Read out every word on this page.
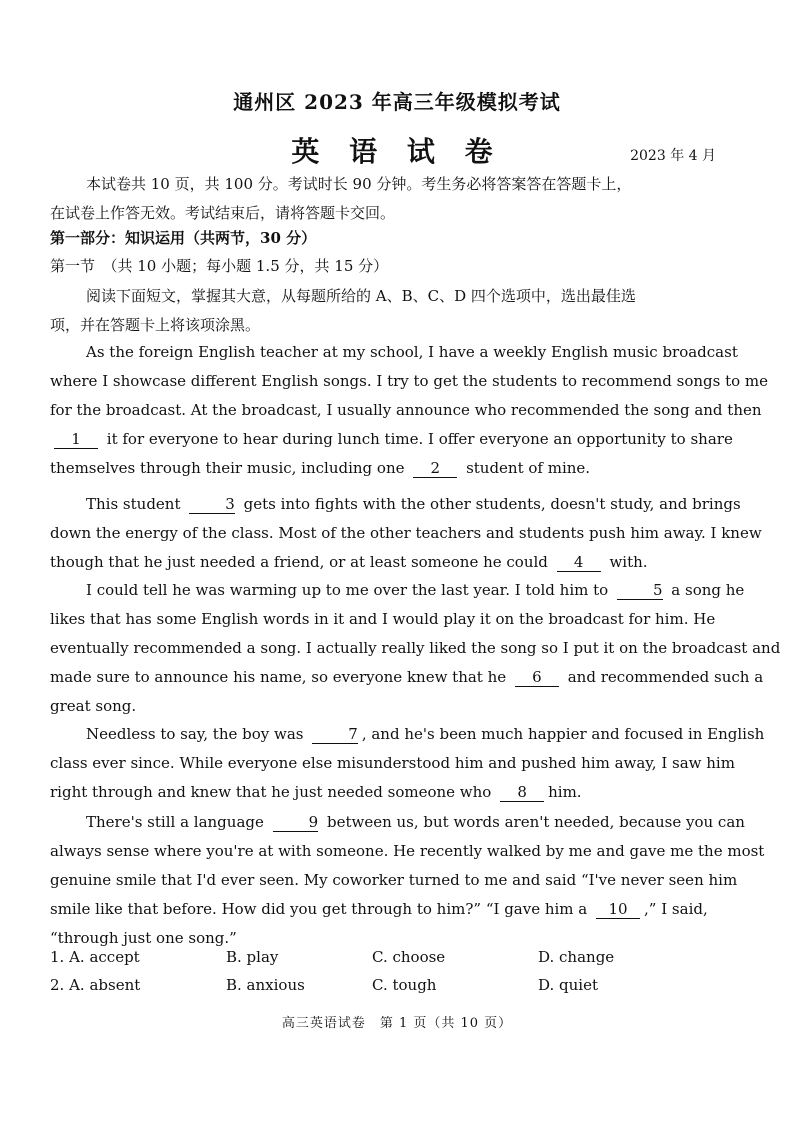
通州区 2023 年高三年级模拟考试
英 语 试 卷	2023 年 4 月
本试卷共 10 页，共 100 分。考试时长 90 分钟。考生务必将答案答在答题卡上，
在试卷上作答无效。考试结束后，请将答题卡交回。
第一部分：知识运用（共两节，30 分）
第一节　（共 10 小题；每小题 1.5 分，共 15 分）
阅读下面短文，掌握其大意，从每题所给的 A、B、C、D 四个选项中，选出最佳选
项，并在答题卡上将该项涂黑。
As the foreign English teacher at my school, I have a weekly English music broadcast
where I showcase different English songs. I try to get the students to recommend songs to me
for the broadcast. At the broadcast, I usually announce who recommended the song and then
1 it for everyone to hear during lunch time. I offer everyone an opportunity to share
themselves through their music, including one 2 student of mine.
This student	3 gets into fights with the other students, doesn't study, and brings
down the energy of the class. Most of the other teachers and students push him away. I knew
though that he just needed a friend, or at least someone he could 4 with.
I could tell he was warming up to me over the last year. I told him to	5 a song he
likes that has some English words in it and I would play it on the broadcast for him. He
eventually recommended a song. I actually really liked the song so I put it on the broadcast and
made sure to announce his name, so everyone knew that he 6 and recommended such a
great song.
Needless to say, the boy was	7 , and he's been much happier and focused in English
class ever since. While everyone else misunderstood him and pushed him away, I saw him
right through and knew that he just needed someone who 8 him.
There's still a language	9 between us, but words aren't needed, because you can
always sense where you're at with someone. He recently walked by me and gave me the most
genuine smile that I'd ever seen. My coworker turned to me and said “I've never seen him
smile like that before. How did you get through to him?” “I gave him a 10 ,” I said,
“through just one song.”
1. A. accept	B. play	C. choose	D. change
2. A. absent	B. anxious	C. tough	D. quiet
高三英语试卷　第 1 页（共 10 页）
